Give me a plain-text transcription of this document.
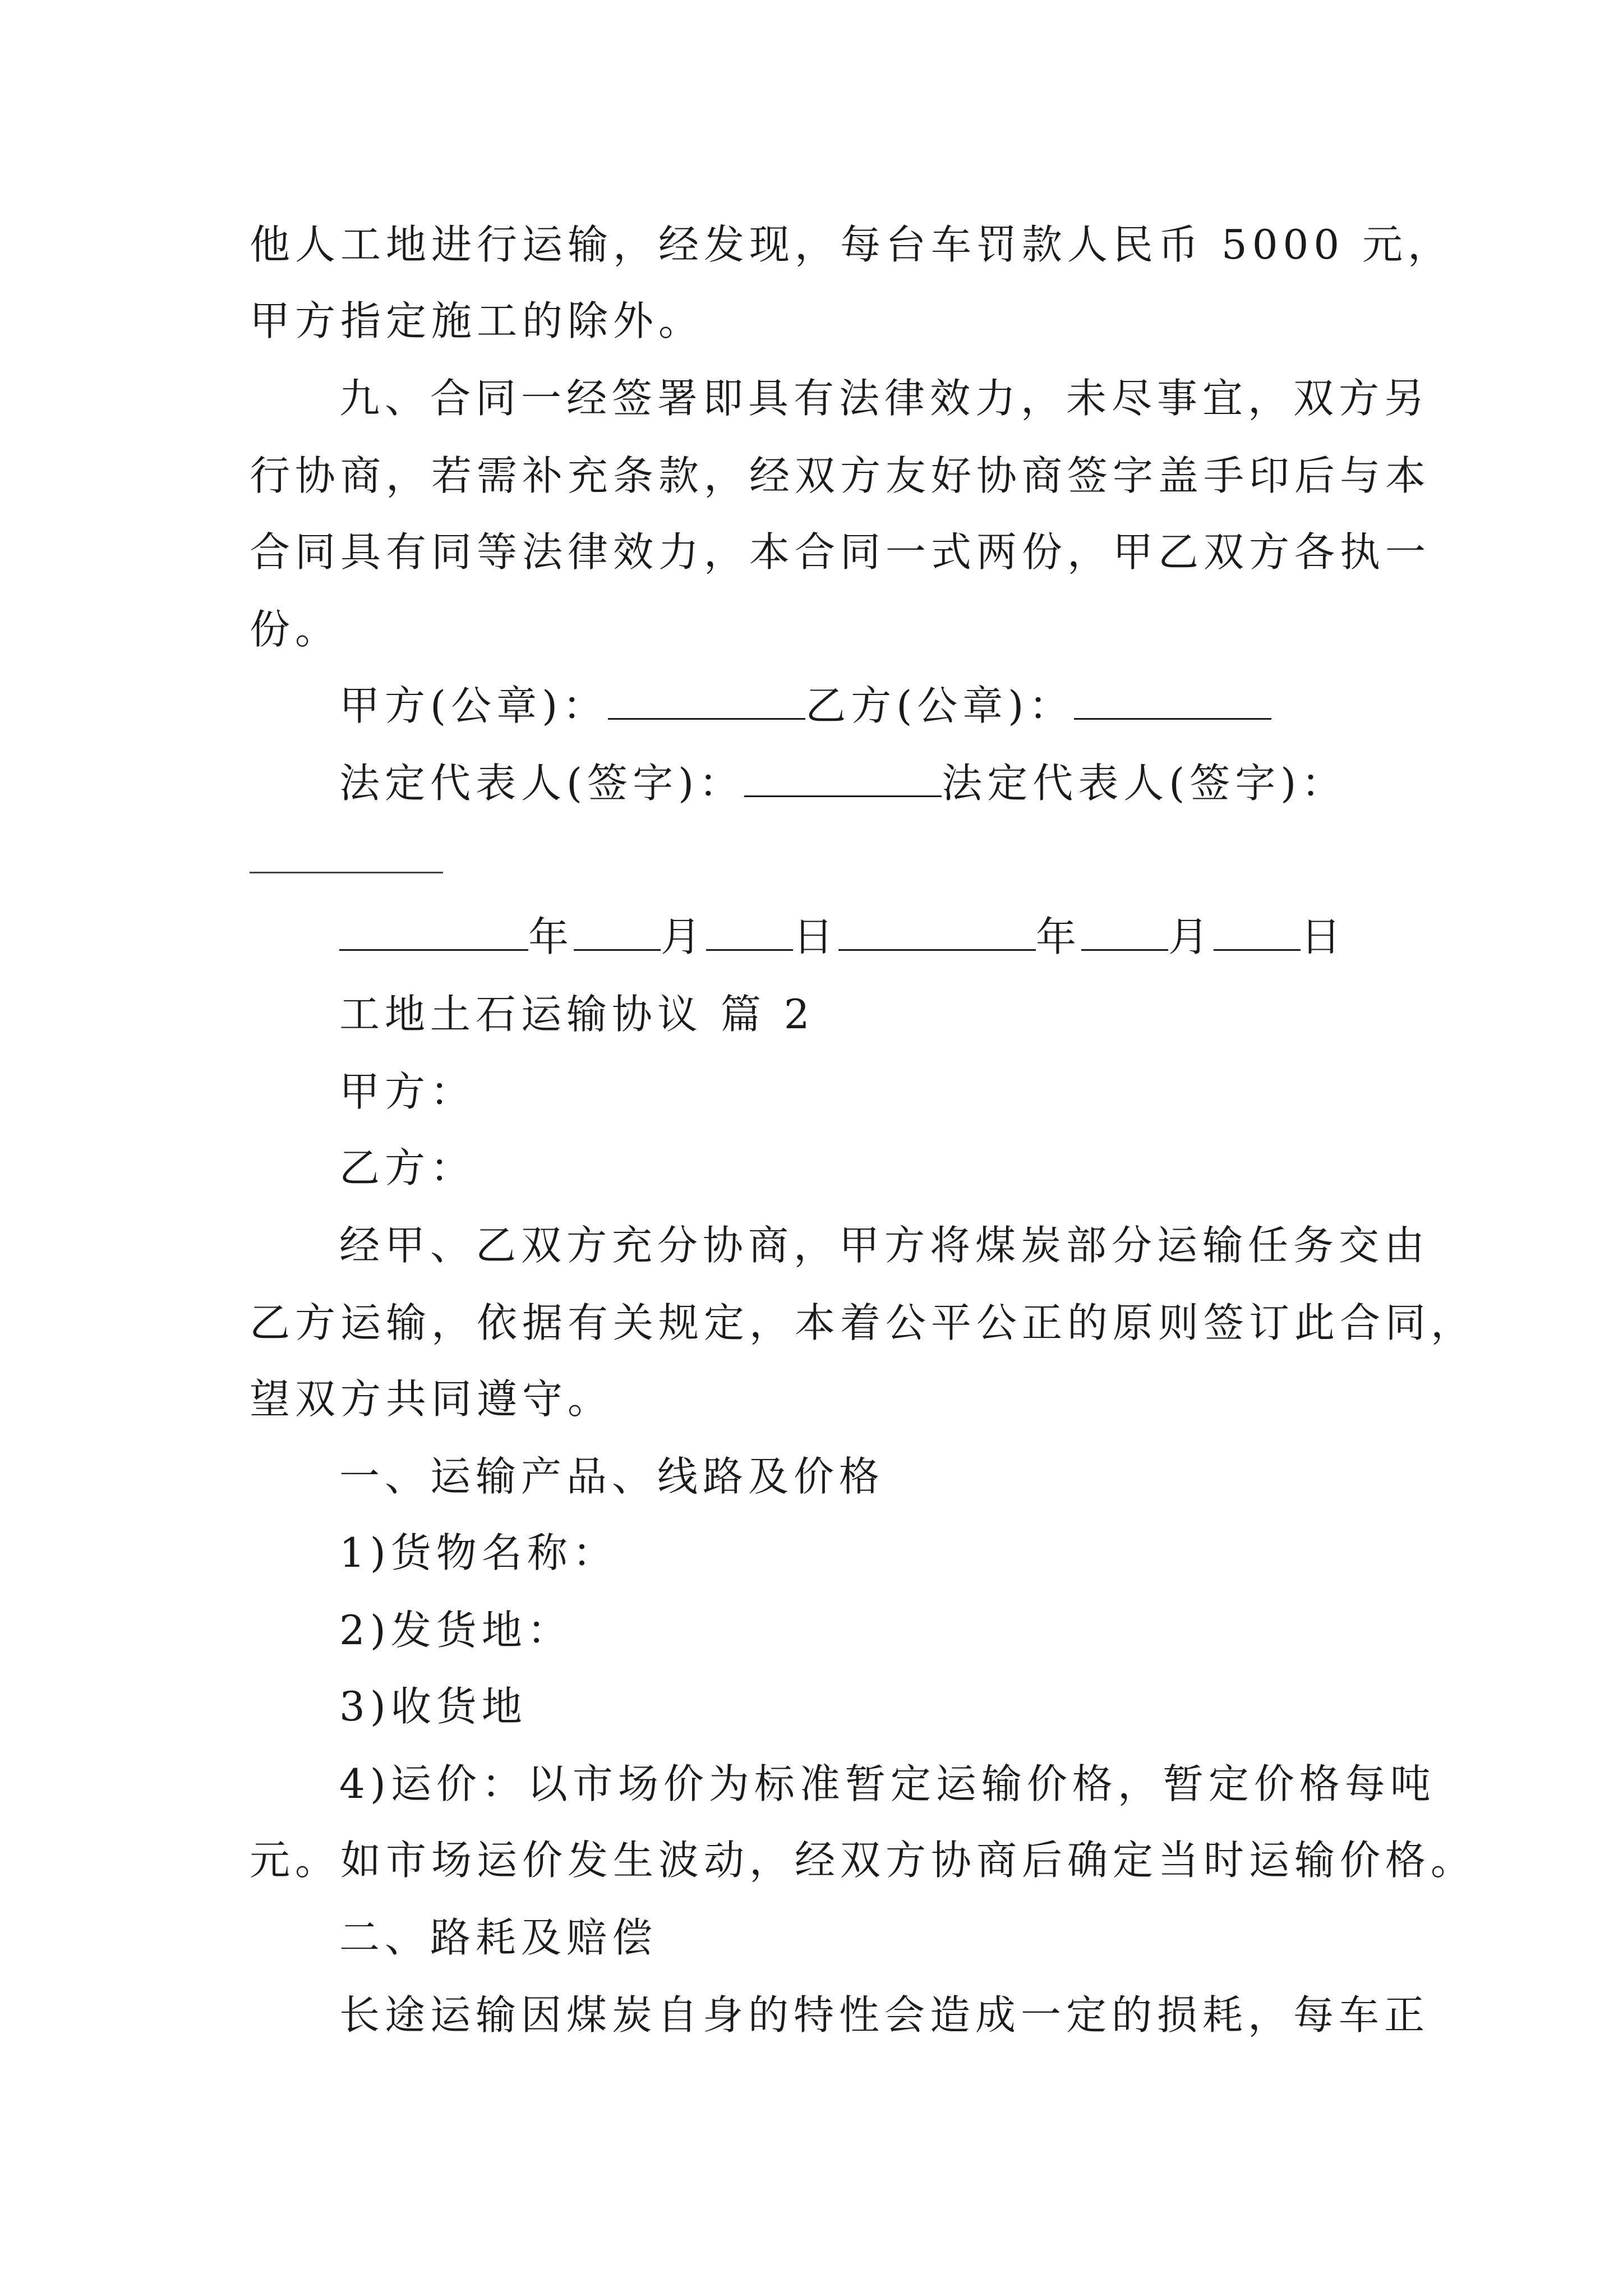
他人工地进行运输，经发现，每台车罚款人民币 5000 元，
甲方指定施工的除外。
九、合同一经签署即具有法律效力，未尽事宜，双方另
行协商，若需补充条款，经双方友好协商签字盖手印后与本
合同具有同等法律效力，本合同一式两份，甲乙双方各执一
份。
甲方(公章)：	乙方(公章)：
法定代表人(签字)：	法定代表人(签字)：
年 月 日	年 月 日
工地土石运输协议 篇 2
甲方：
乙方：
经甲、乙双方充分协商，甲方将煤炭部分运输任务交由
乙方运输，依据有关规定，本着公平公正的原则签订此合同，
望双方共同遵守。
一、运输产品、线路及价格
1)货物名称：
2)发货地：
3)收货地
4)运价：以市场价为标准暂定运输价格，暂定价格每吨
元。如市场运价发生波动，经双方协商后确定当时运输价格。
二、路耗及赔偿
长途运输因煤炭自身的特性会造成一定的损耗，每车正
